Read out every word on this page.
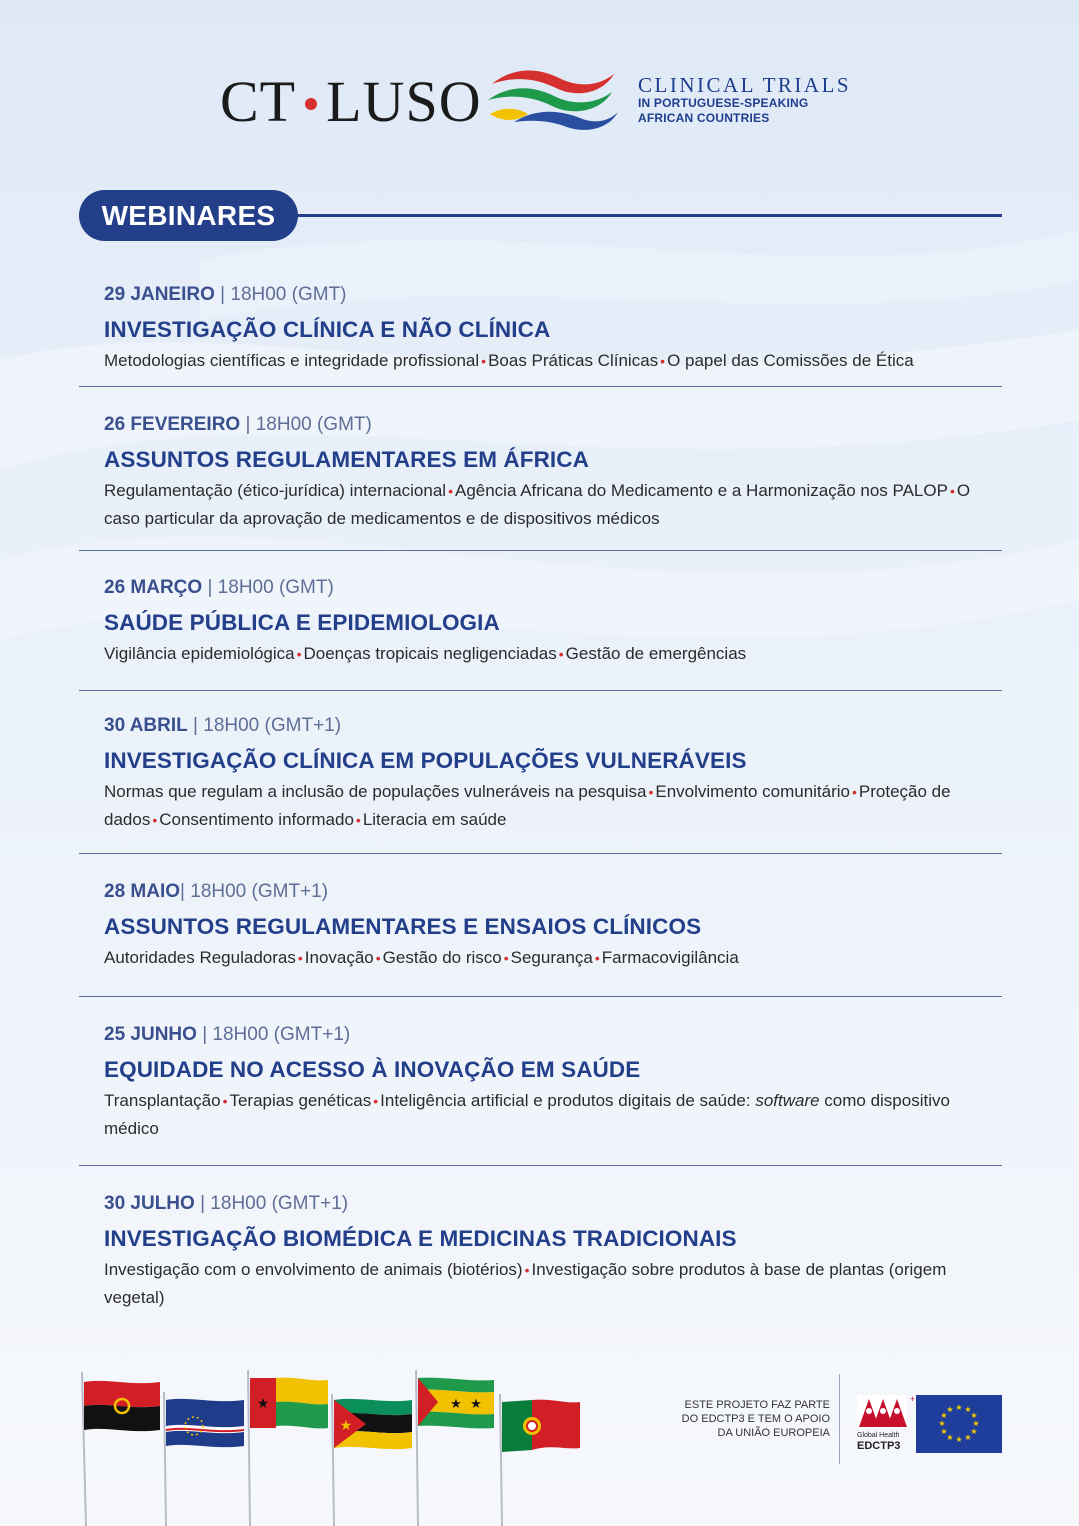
CT LUSO	CLINICAL TRIALS
IN PORTUGUESE-SPEAKING
AFRICAN COUNTRIES
WEBINARES
29 JANEIRO | 18H00 (GMT)
INVESTIGAÇÃO CLÍNICA E NÃO CLÍNICA
Metodologias científicas e integridade profissional • Boas Práticas Clínicas • O papel das Comissões de Ética
26 FEVEREIRO | 18H00 (GMT)
ASSUNTOS REGULAMENTARES EM ÁFRICA
Regulamentação (ético-jurídica) internacional • Agência Africana do Medicamento e a Harmonização nos PALOP • O caso particular da aprovação de medicamentos e de dispositivos médicos
26 MARÇO | 18H00 (GMT)
SAÚDE PÚBLICA E EPIDEMIOLOGIA
Vigilância epidemiológica • Doenças tropicais negligenciadas • Gestão de emergências
30 ABRIL | 18H00 (GMT+1)
INVESTIGAÇÃO CLÍNICA EM POPULAÇÕES VULNERÁVEIS
Normas que regulam a inclusão de populações vulneráveis na pesquisa • Envolvimento comunitário • Proteção de dados • Consentimento informado • Literacia em saúde
28 MAIO| 18H00 (GMT+1)
ASSUNTOS REGULAMENTARES E ENSAIOS CLÍNICOS
Autoridades Reguladoras • Inovação • Gestão do risco • Segurança • Farmacovigilância
25 JUNHO | 18H00 (GMT+1)
EQUIDADE NO ACESSO À INOVAÇÃO EM SAÚDE
Transplantação • Terapias genéticas • Inteligência artificial e produtos digitais de saúde: software como dispositivo médico
30 JULHO | 18H00 (GMT+1)
INVESTIGAÇÃO BIOMÉDICA E MEDICINAS TRADICIONAIS
Investigação com o envolvimento de animais (biotérios) • Investigação sobre produtos à base de plantas (origem vegetal)
★
★
★ ★	ESTE PROJETO FAZ PARTE
DO EDCTP3 E TEM O APOIO
DA UNIÃO EUROPEIA
+
Global Health
EDCTP3
★ ★
★
★
★
★
★
★
★
★
★
★
